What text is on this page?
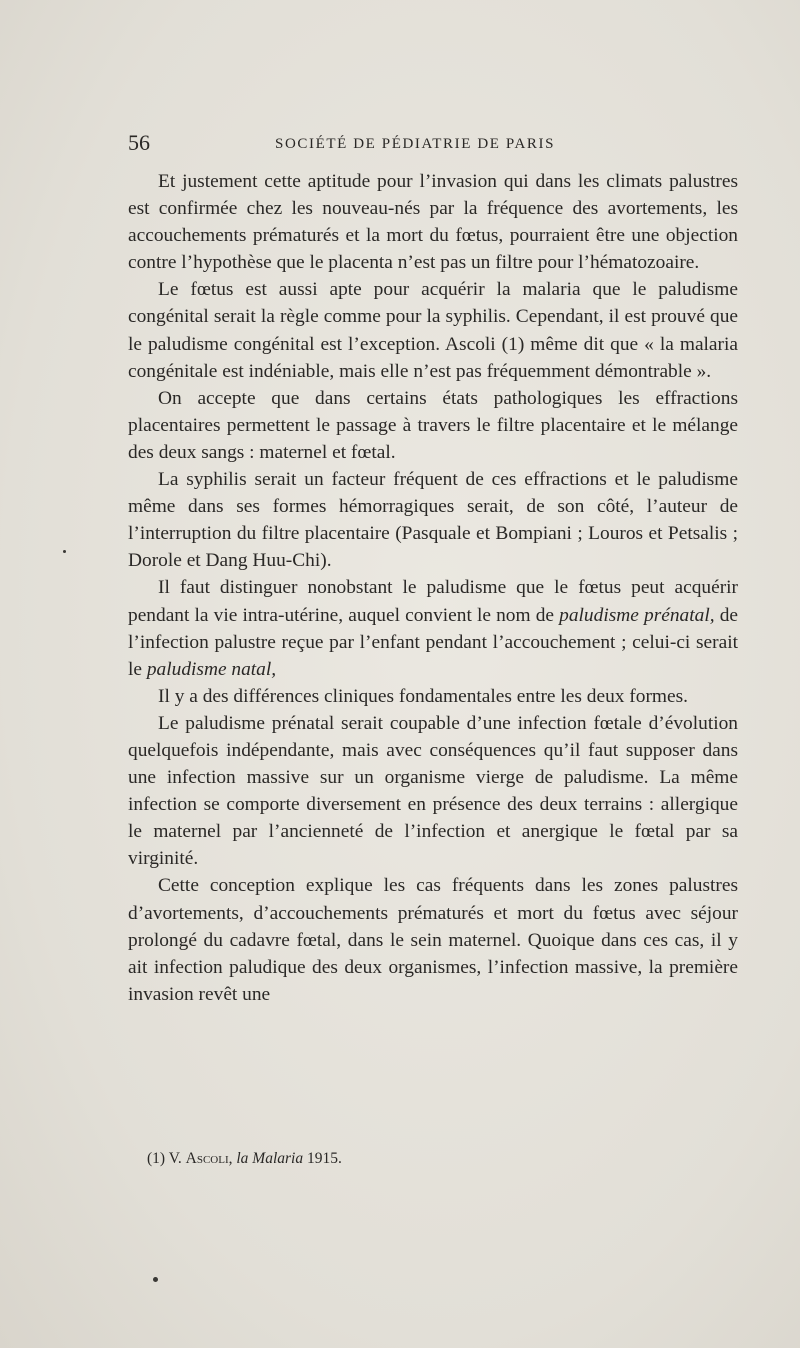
56	SOCIÉTÉ DE PÉDIATRIE DE PARIS

Et justement cette aptitude pour l’invasion qui dans les climats palustres est confirmée chez les nouveau-nés par la fréquence des avortements, les accouchements prématurés et la mort du fœtus, pourraient être une objection contre l’hypothèse que le placenta n’est pas un filtre pour l’hématozoaire.

Le fœtus est aussi apte pour acquérir la malaria que le paludisme congénital serait la règle comme pour la syphilis. Cependant, il est prouvé que le paludisme congénital est l’exception. Ascoli (1) même dit que « la malaria congénitale est indéniable, mais elle n’est pas fréquemment démontrable ».

On accepte que dans certains états pathologiques les effractions placentaires permettent le passage à travers le filtre placentaire et le mélange des deux sangs : maternel et fœtal.

La syphilis serait un facteur fréquent de ces effractions et le paludisme même dans ses formes hémorragiques serait, de son côté, l’auteur de l’interruption du filtre placentaire (Pasquale et Bompiani ; Louros et Petsalis ; Dorole et Dang Huu-Chi).

Il faut distinguer nonobstant le paludisme que le fœtus peut acquérir pendant la vie intra-utérine, auquel convient le nom de paludisme prénatal, de l’infection palustre reçue par l’enfant pendant l’accouchement ; celui-ci serait le paludisme natal,

Il y a des différences cliniques fondamentales entre les deux formes.

Le paludisme prénatal serait coupable d’une infection fœtale d’évolution quelquefois indépendante, mais avec conséquences qu’il faut supposer dans une infection massive sur un organisme vierge de paludisme. La même infection se comporte diversement en présence des deux terrains : allergique le maternel par l’ancienneté de l’infection et anergique le fœtal par sa virginité.

Cette conception explique les cas fréquents dans les zones palustres d’avortements, d’accouchements prématurés et mort du fœtus avec séjour prolongé du cadavre fœtal, dans le sein maternel. Quoique dans ces cas, il y ait infection paludique des deux organismes, l’infection massive, la première invasion revêt une

(1) V. Ascoli, la Malaria 1915.
